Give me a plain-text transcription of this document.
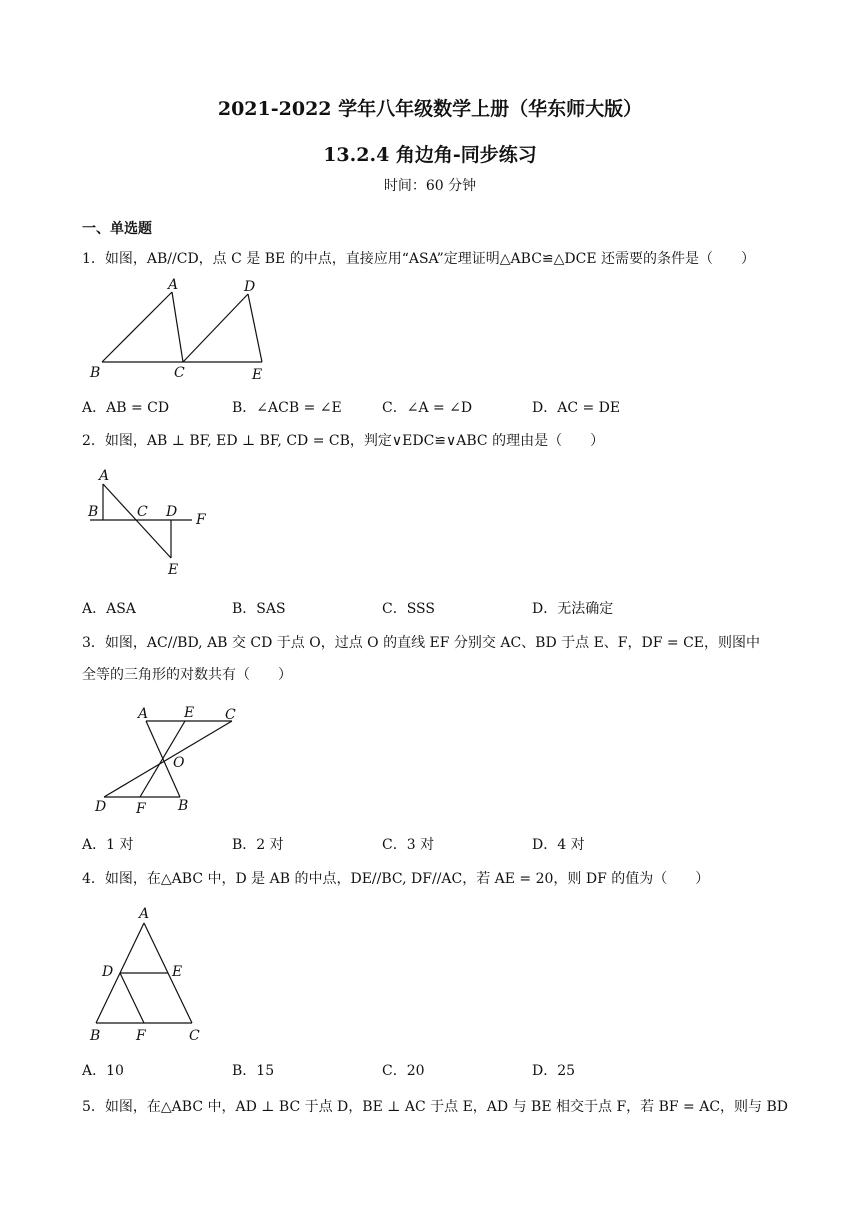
2021-2022 学年八年级数学上册（华东师大版）
13.2.4 角边角-同步练习
时间：60 分钟
一、单选题
1．如图，AB//CD，点 C 是 BE 的中点，直接应用“ASA”定理证明△ABC≌△DCE 还需要的条件是（　　）
A	D
B	C	E
A．AB = CD	B．∠ACB = ∠E	C．∠A = ∠D	D．AC = DE
2．如图，AB ⊥ BF, ED ⊥ BF, CD = CB，判定∨EDC≌∨ABC 的理由是（　　）
A
B	C D F
E
A．ASA	B．SAS	C．SSS	D．无法确定
3．如图，AC//BD, AB 交 CD 于点 O，过点 O 的直线 EF 分别交 AC、BD 于点 E、F，DF = CE，则图中
全等的三角形的对数共有（　　）
A	E C
O
D F B
A．1 对	B．2 对	C．3 对	D．4 对
4．如图，在△ABC 中，D 是 AB 的中点，DE//BC, DF//AC，若 AE = 20，则 DF 的值为（　　）
A
D	E
B	F	C
A．10	B．15	C．20	D．25
5．如图，在△ABC 中，AD ⊥ BC 于点 D，BE ⊥ AC 于点 E，AD 与 BE 相交于点 F，若 BF = AC，则与 BD
